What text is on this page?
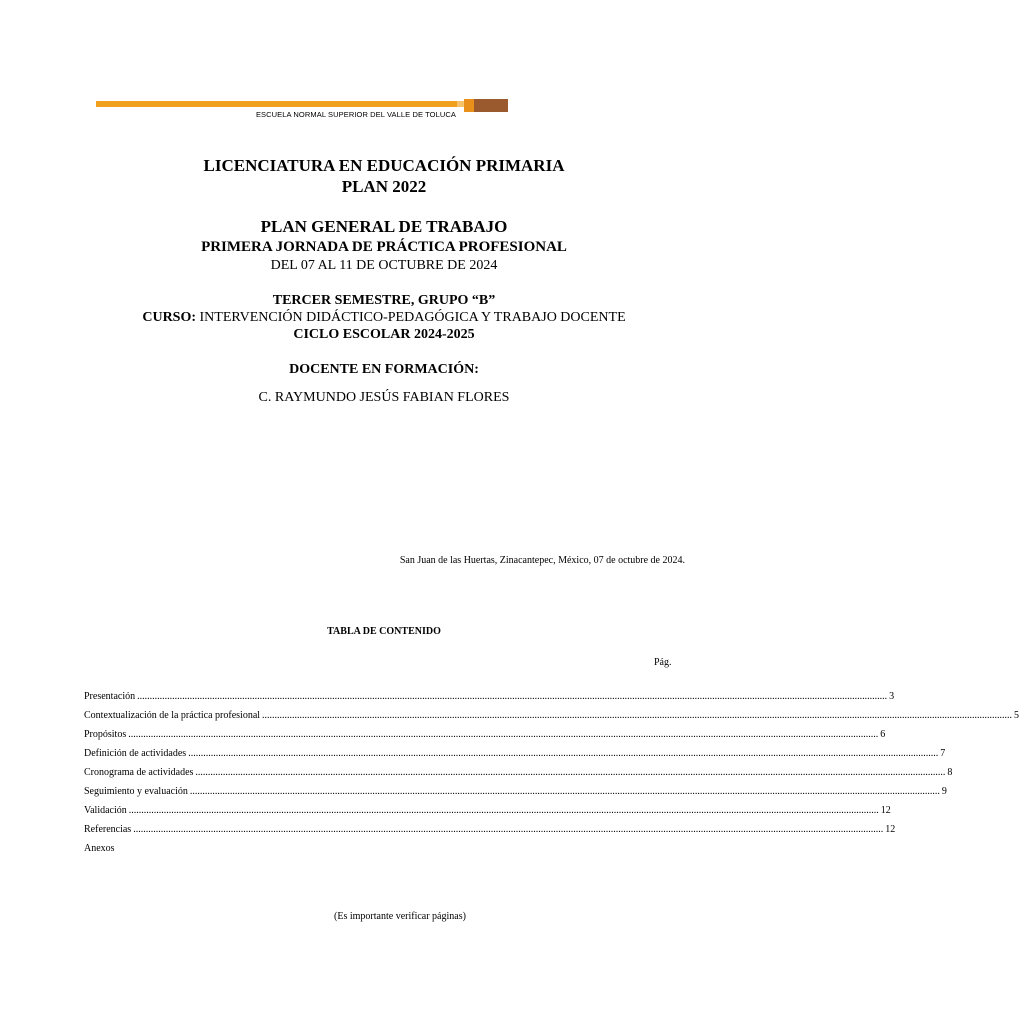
ESCUELA NORMAL SUPERIOR DEL VALLE DE TOLUCA
LICENCIATURA EN EDUCACIÓN PRIMARIA
PLAN 2022
PLAN GENERAL DE TRABAJO
PRIMERA JORNADA DE PRÁCTICA PROFESIONAL
DEL 07 AL 11 DE OCTUBRE DE 2024
TERCER SEMESTRE, GRUPO “B”
CURSO: INTERVENCIÓN DIDÁCTICO-PEDAGÓGICA Y TRABAJO DOCENTE
CICLO ESCOLAR 2024-2025
DOCENTE EN FORMACIÓN:
C. RAYMUNDO JESÚS FABIAN FLORES
San Juan de las Huertas, Zinacantepec, México, 07 de octubre de 2024.
TABLA DE CONTENIDO
Pág.
Presentación ............................................................................................................................................................................................................................................................................................................ 3
Contextualización de la práctica profesional ............................................................................................................................................................................................................................................................................................................ 5
Propósitos ............................................................................................................................................................................................................................................................................................................ 6
Definición de actividades ............................................................................................................................................................................................................................................................................................................ 7
Cronograma de actividades ............................................................................................................................................................................................................................................................................................................ 8
Seguimiento y evaluación ............................................................................................................................................................................................................................................................................................................ 9
Validación ............................................................................................................................................................................................................................................................................................................ 12
Referencias ............................................................................................................................................................................................................................................................................................................ 12
Anexos
(Es importante verificar páginas)
